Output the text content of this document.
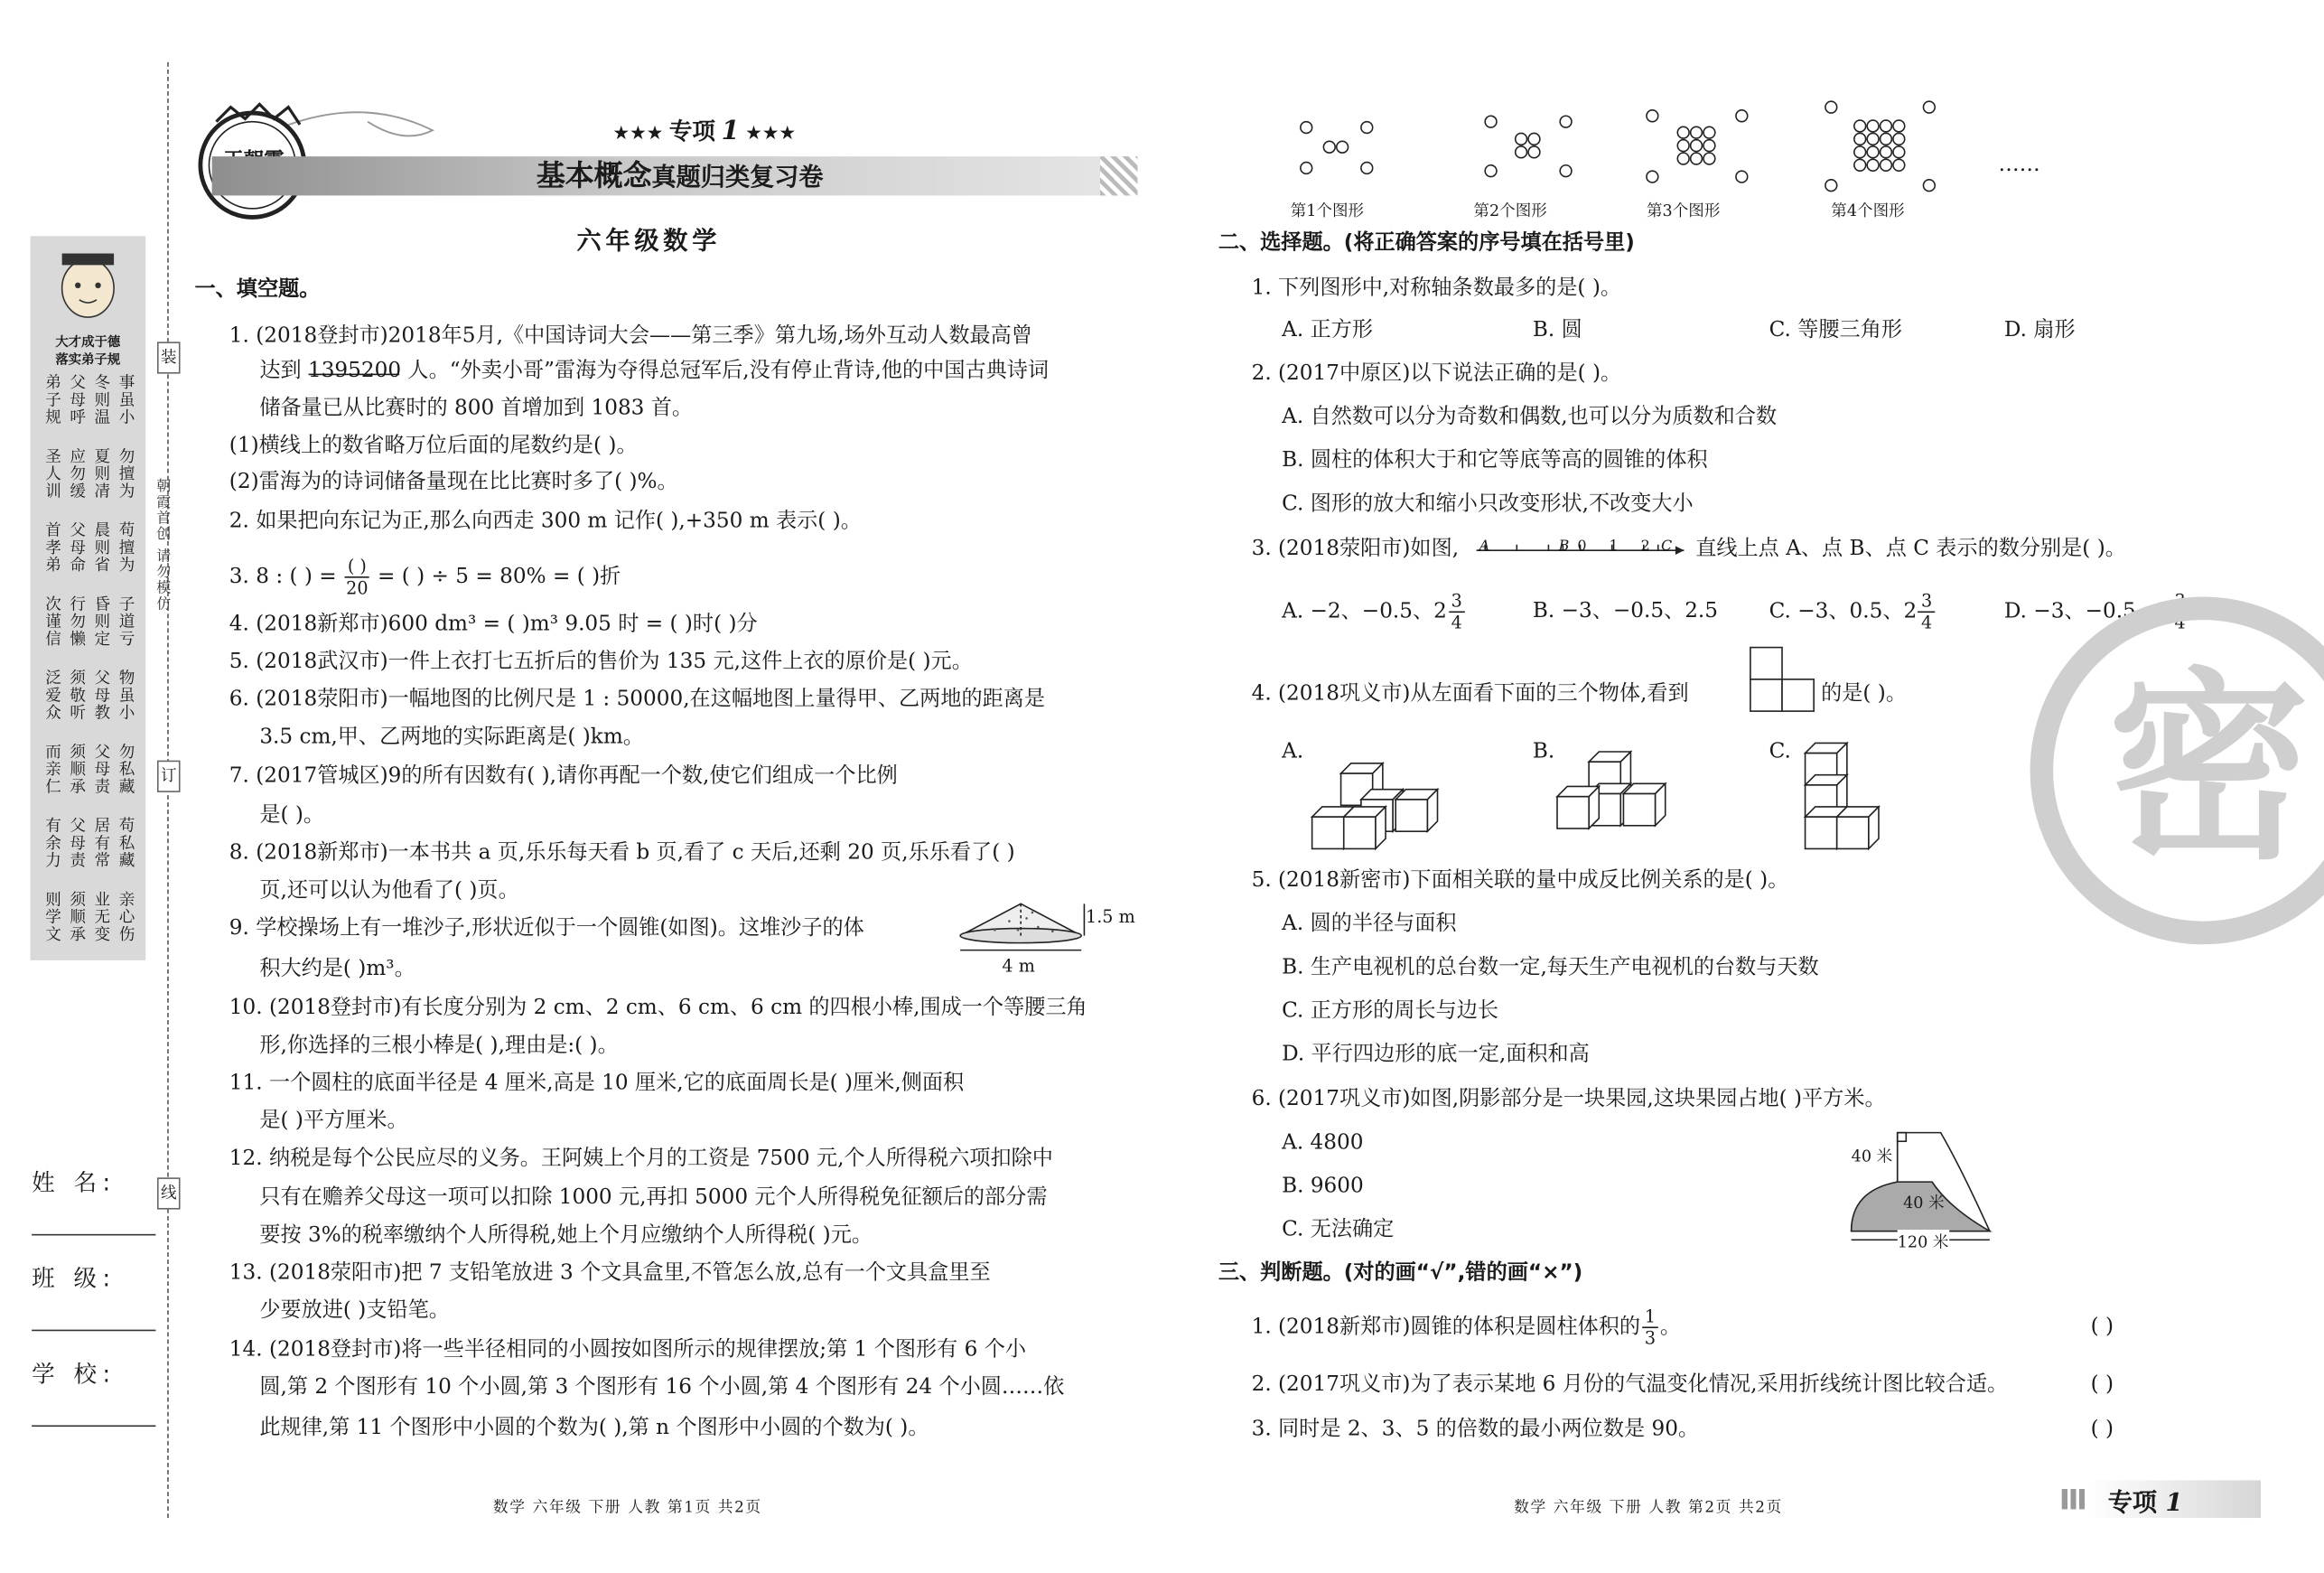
装
订
线
朝霞首创 请勿模仿
大才成于德
落实弟子规
事虽小
冬则温
父母呼
弟子规
勿擅为
夏则凊
应勿缓
圣人训
苟擅为
晨则省
父母命
首孝弟
子道亏
昏则定
行勿懒
次谨信
物虽小
父母教
须敬听
泛爱众
勿私藏
父母责
须顺承
而亲仁
苟私藏
居有常
父母责
有余力
亲心伤
业无变
须顺承
则学文
姓 名:
班 级:
学 校:
★★★ 专项 1 ★★★
基本概念真题归类复习卷
六年级数学
一、填空题。
1. (2018登封市)2018年5月,《中国诗词大会——第三季》第九场,场外互动人数最高曾
达到 1395200 人。“外卖小哥”雷海为夺得总冠军后,没有停止背诗,他的中国古典诗词
储备量已从比赛时的 800 首增加到 1083 首。
(1)横线上的数省略万位后面的尾数约是( )。
(2)雷海为的诗词储备量现在比比赛时多了( )%。
2. 如果把向东记为正,那么向西走 300 m 记作( ),+350 m 表示( )。
4. (2018新郑市)600 dm³ = ( )m³ 9.05 时 = ( )时( )分
5. (2018武汉市)一件上衣打七五折后的售价为 135 元,这件上衣的原价是( )元。
6. (2018荥阳市)一幅地图的比例尺是 1 : 50000,在这幅地图上量得甲、乙两地的距离是
3.5 cm,甲、乙两地的实际距离是( )km。
7. (2017管城区)9的所有因数有( ),请你再配一个数,使它们组成一个比例
是( )。
8. (2018新郑市)一本书共 a 页,乐乐每天看 b 页,看了 c 天后,还剩 20 页,乐乐看了( )
页,还可以认为他看了( )页。
9. 学校操场上有一堆沙子,形状近似于一个圆锥(如图)。这堆沙子的体
积大约是( )m³。
10. (2018登封市)有长度分别为 2 cm、2 cm、6 cm、6 cm 的四根小棒,围成一个等腰三角
形,你选择的三根小棒是( ),理由是:( )。
11. 一个圆柱的底面半径是 4 厘米,高是 10 厘米,它的底面周长是( )厘米,侧面积
是( )平方厘米。
12. 纳税是每个公民应尽的义务。王阿姨上个月的工资是 7500 元,个人所得税六项扣除中
只有在赡养父母这一项可以扣除 1000 元,再扣 5000 元个人所得税免征额后的部分需
要按 3%的税率缴纳个人所得税,她上个月应缴纳个人所得税( )元。
13. (2018荥阳市)把 7 支铅笔放进 3 个文具盒里,不管怎么放,总有一个文具盒里至
少要放进( )支铅笔。
14. (2018登封市)将一些半径相同的小圆按如图所示的规律摆放;第 1 个图形有 6 个小
圆,第 2 个图形有 10 个小圆,第 3 个图形有 16 个小圆,第 4 个图形有 24 个小圆……依
此规律,第 11 个图形中小圆的个数为( ),第 n 个图形中小圆的个数为( )。
3. 8 : ( ) = $\frac{( )}{20}$ = ( ) ÷ 5 = 80% = ( )折
1.5 m
4 m
数学 六年级 下册 人教 第1页 共2页
第1个图形	第2个图形	第3个图形	第4个图形
……
二、选择题。(将正确答案的序号填在括号里)
1. 下列图形中,对称轴条数最多的是( )。
A. 正方形	B. 圆	C. 等腰三角形	D. 扇形
2. (2017中原区)以下说法正确的是( )。
A. 自然数可以分为奇数和偶数,也可以分为质数和合数
B. 圆柱的体积大于和它等底等高的圆锥的体积
C. 图形的放大和缩小只改变形状,不改变大小
3. (2018荥阳市)如图, A	B 0 1 2 C 直线上点 A、点 B、点 C 表示的数分别是( )。
A. −2、−0.5、$2 \frac{3}{4}$	B. −3、−0.5、2.5	C. −3、0.5、$2 \frac{3}{4}$	D. −3、−0.5、$2 \frac{3}{4}$
4. (2018巩义市)从左面看下面的三个物体,看到	的是( )。
A.	B.	C.
5. (2018新密市)下面相关联的量中成反比例关系的是( )。
A. 圆的半径与面积
B. 生产电视机的总台数一定,每天生产电视机的台数与天数
C. 正方形的周长与边长
D. 平行四边形的底一定,面积和高
6. (2017巩义市)如图,阴影部分是一块果园,这块果园占地( )平方米。
A. 4800
B. 9600
C. 无法确定
40 米
40 米
120 米
三、判断题。(对的画“√”,错的画“×”)
1. (2018新郑市)圆锥的体积是圆柱体积的 $\frac{1}{3}$ 。	( )
2. (2017巩义市)为了表示某地 6 月份的气温变化情况,采用折线统计图比较合适。	( )
3. 同时是 2、3、5 的倍数的最小两位数是 90。	( )
密
数学 六年级 下册 人教 第2页 共2页	专项 1
